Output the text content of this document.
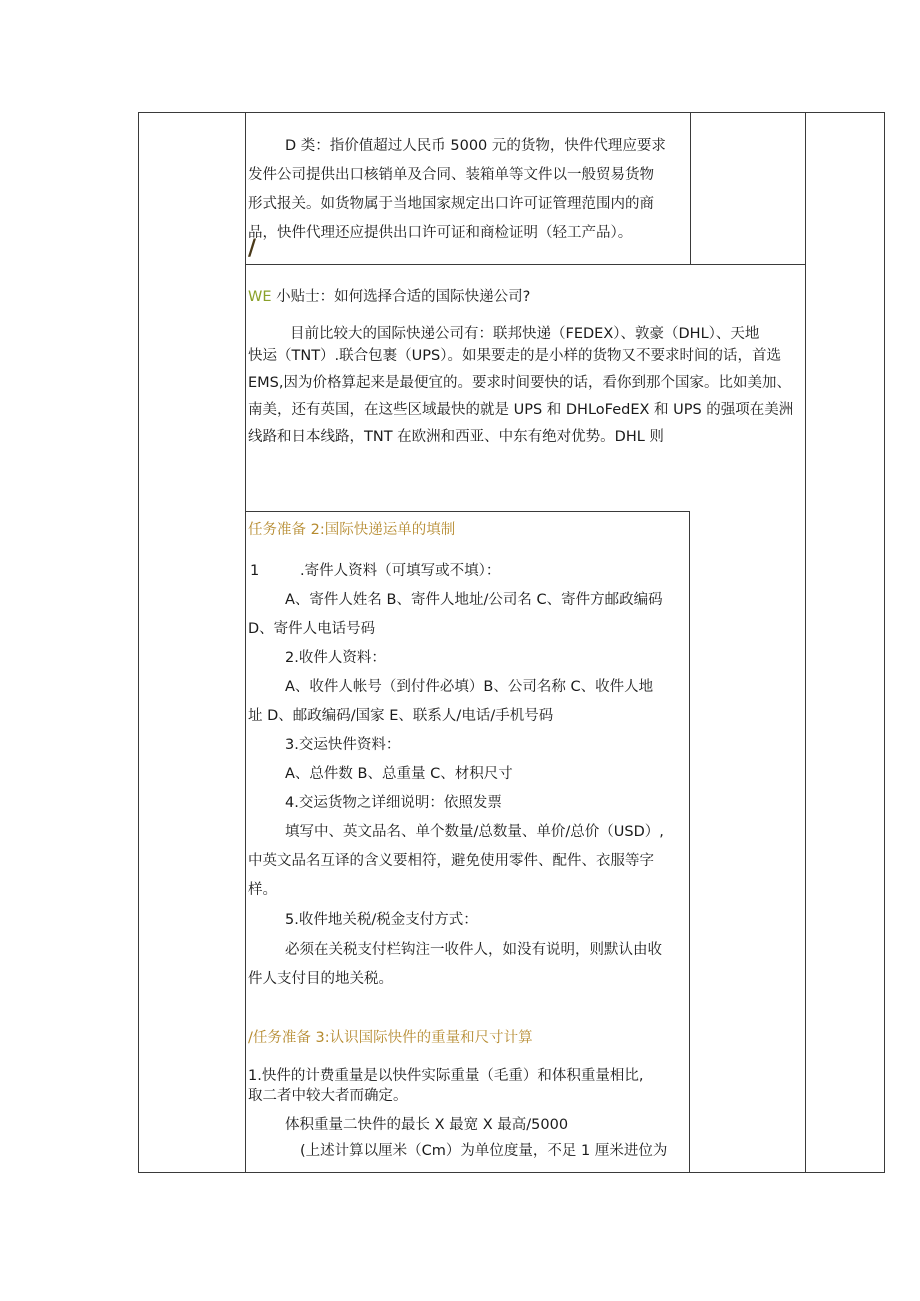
D 类：指价值超过人民币 5000 元的货物，快件代理应要求
发件公司提供出口核销单及合同、装箱单等文件以一般贸易货物
形式报关。如货物属于当地国家规定出口许可证管理范围内的商
品，快件代理还应提供出口许可证和商检证明（轻工产品）。
/
WE 小贴士：如何选择合适的国际快递公司?
目前比较大的国际快递公司有：联邦快递（FEDEX）、敦豪（DHL）、天地
快运（TNT）.联合包裹（UPS）。如果要走的是小样的货物又不要求时间的话，首选
EMS,因为价格算起来是最便宜的。要求时间要快的话，看你到那个国家。比如美加、
南美，还有英国，在这些区域最快的就是 UPS 和 DHLoFedEX 和 UPS 的强项在美洲
线路和日本线路，TNT 在欧洲和西亚、中东有绝对优势。DHL 则
任务准备 2:国际快递运单的填制
1	.寄件人资料（可填写或不填）：
A、寄件人姓名 B、寄件人地址/公司名 C、寄件方邮政编码
D、寄件人电话号码
2.收件人资料：
A、收件人帐号（到付件必填）B、公司名称 C、收件人地
址 D、邮政编码/国家 E、联系人/电话/手机号码
3.交运快件资料：
A、总件数 B、总重量 C、材积尺寸
4.交运货物之详细说明：依照发票
填写中、英文品名、单个数量/总数量、单价/总价（USD）,
中英文品名互译的含义要相符，避免使用零件、配件、衣服等字
样。
5.收件地关税/税金支付方式：
必须在关税支付栏钩注一收件人，如没有说明，则默认由收
件人支付目的地关税。
/任务准备 3:认识国际快件的重量和尺寸计算
1.快件的计费重量是以快件实际重量（毛重）和体积重量相比,
取二者中较大者而确定。
体积重量二快件的最长 X 最宽 X 最高/5000
(上述计算以厘米（Cm）为单位度量，不足 1 厘米进位为
